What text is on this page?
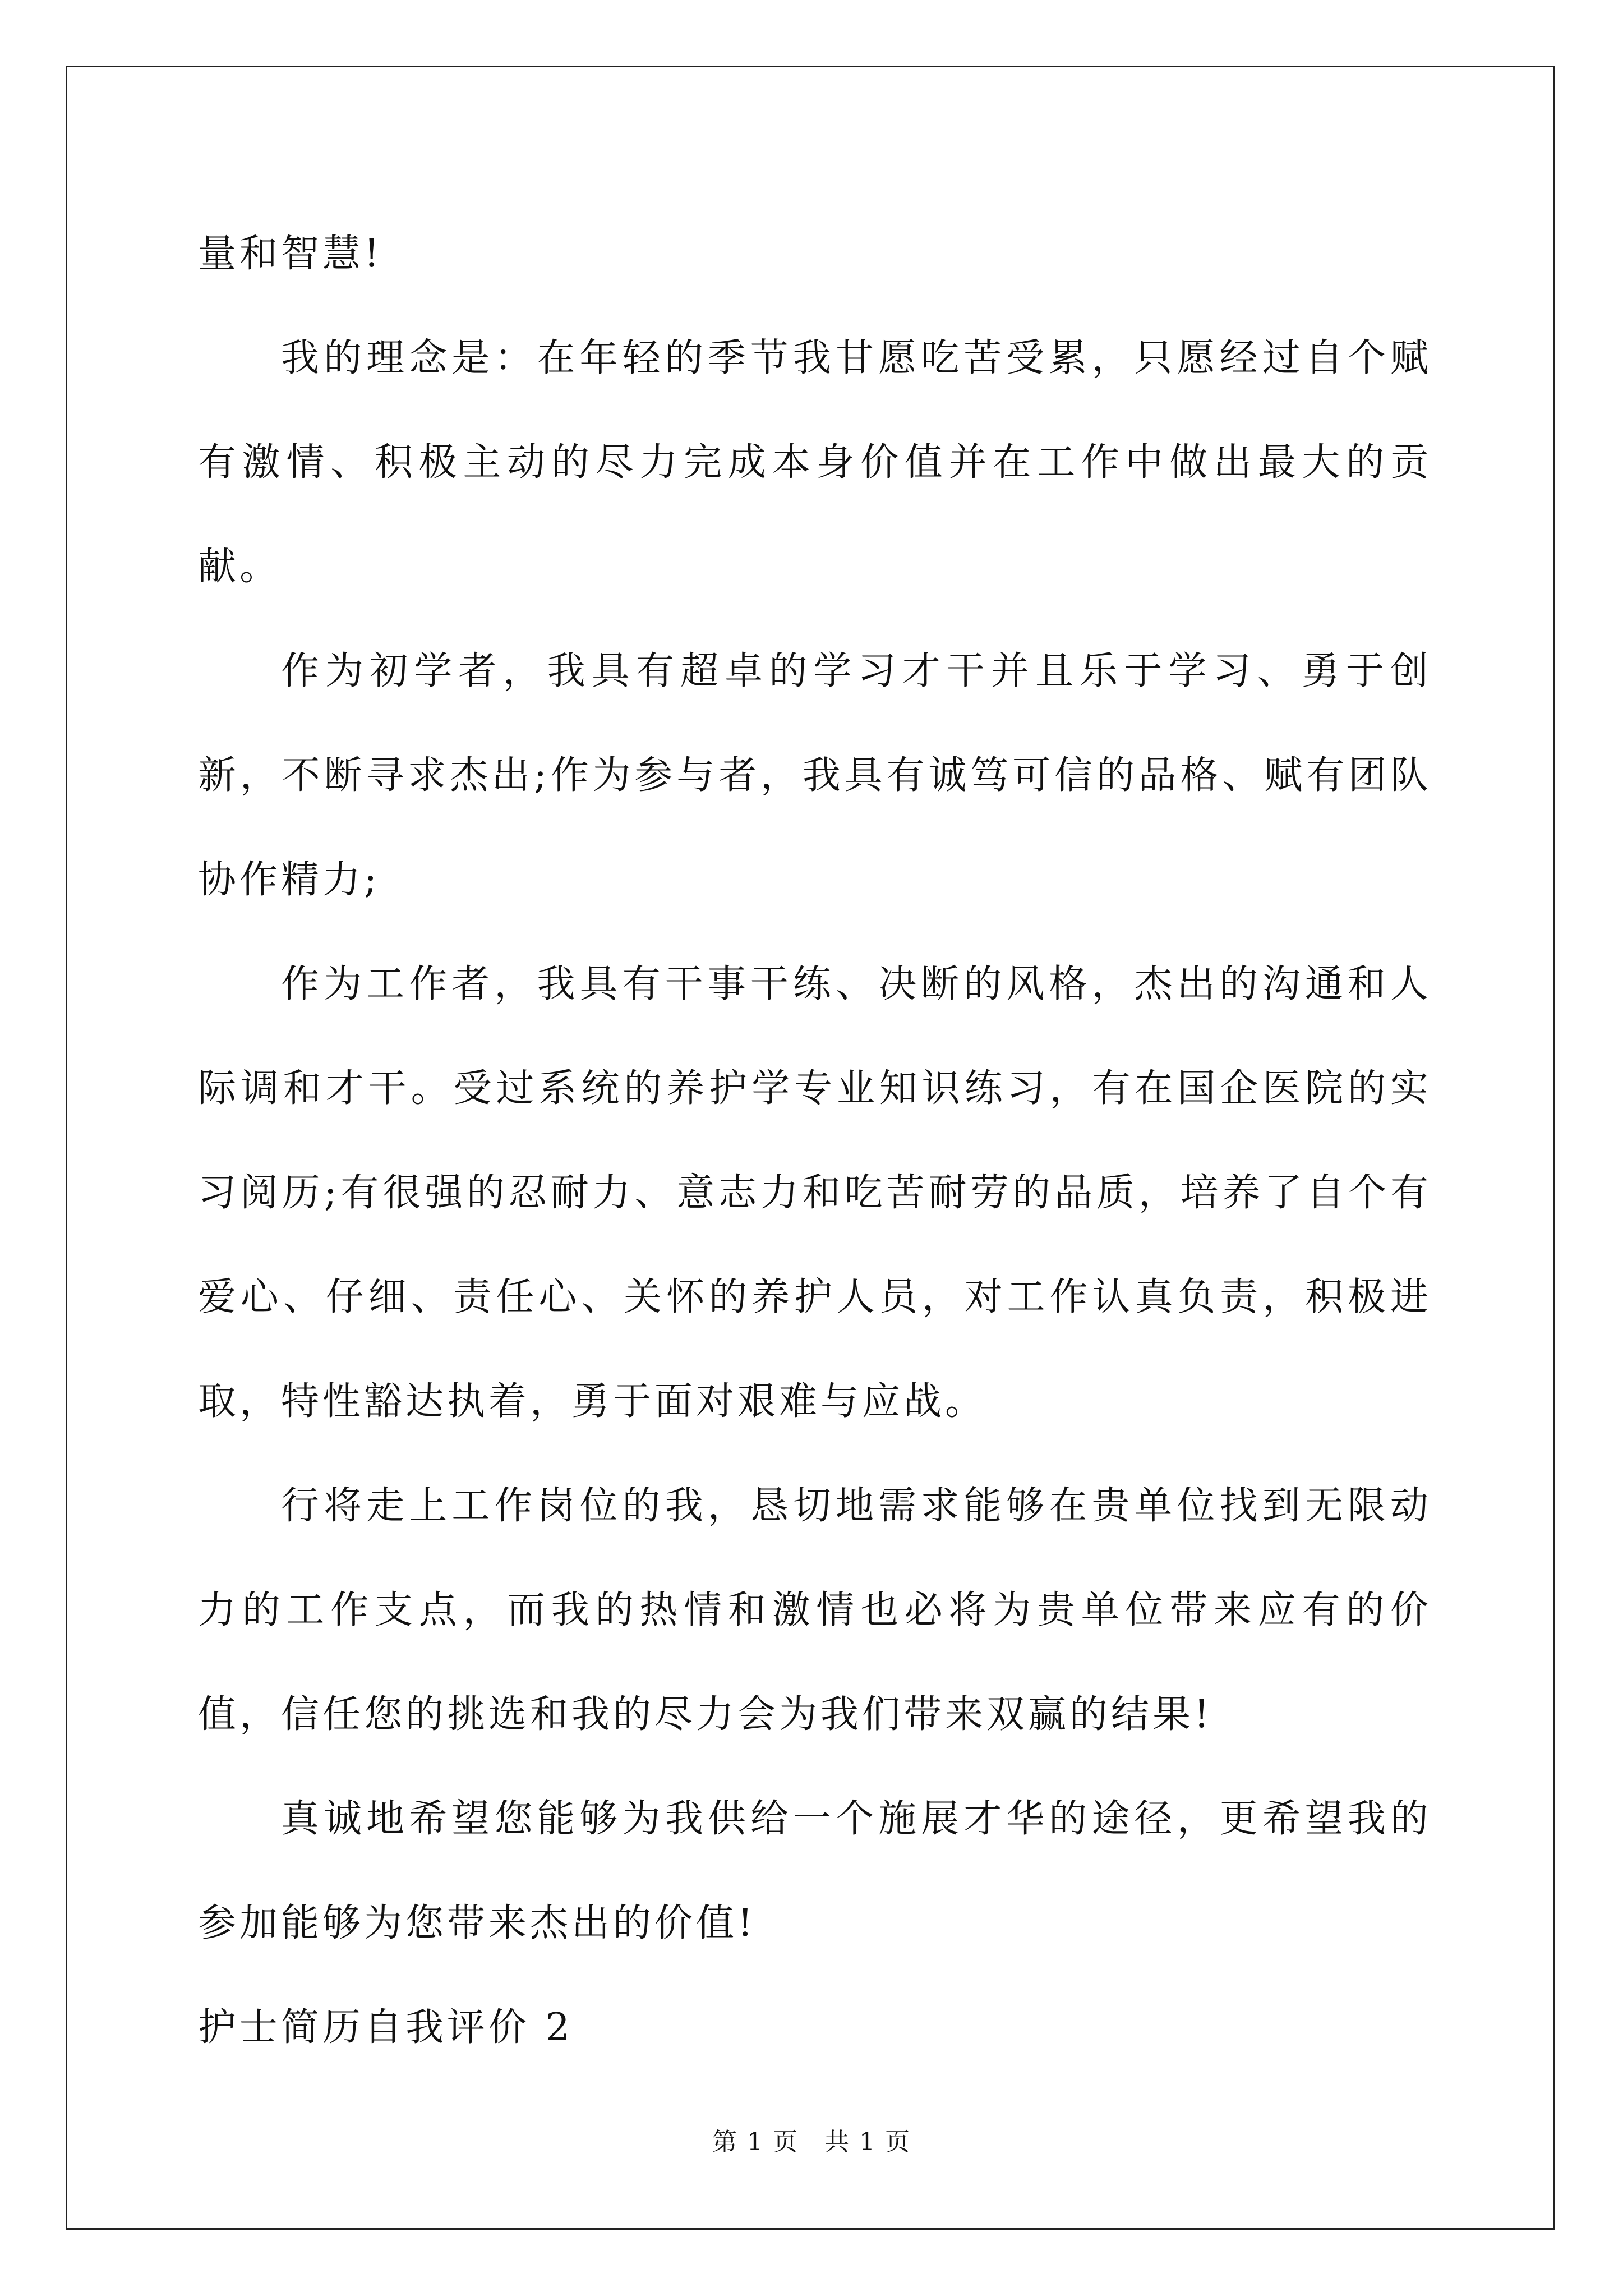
量和智慧!

我的理念是：在年轻的季节我甘愿吃苦受累，只愿经过自个赋有激情、积极主动的尽力完成本身价值并在工作中做出最大的贡献。

作为初学者，我具有超卓的学习才干并且乐于学习、勇于创新，不断寻求杰出;作为参与者，我具有诚笃可信的品格、赋有团队协作精力;

作为工作者，我具有干事干练、决断的风格，杰出的沟通和人际调和才干。受过系统的养护学专业知识练习，有在国企医院的实习阅历;有很强的忍耐力、意志力和吃苦耐劳的品质，培养了自个有爱心、仔细、责任心、关怀的养护人员，对工作认真负责，积极进取，特性豁达执着，勇于面对艰难与应战。

行将走上工作岗位的我，恳切地需求能够在贵单位找到无限动力的工作支点，而我的热情和激情也必将为贵单位带来应有的价值，信任您的挑选和我的尽力会为我们带来双赢的结果!

真诚地希望您能够为我供给一个施展才华的途径，更希望我的参加能够为您带来杰出的价值!

护士简历自我评价 2

第 1 页　共 1 页
